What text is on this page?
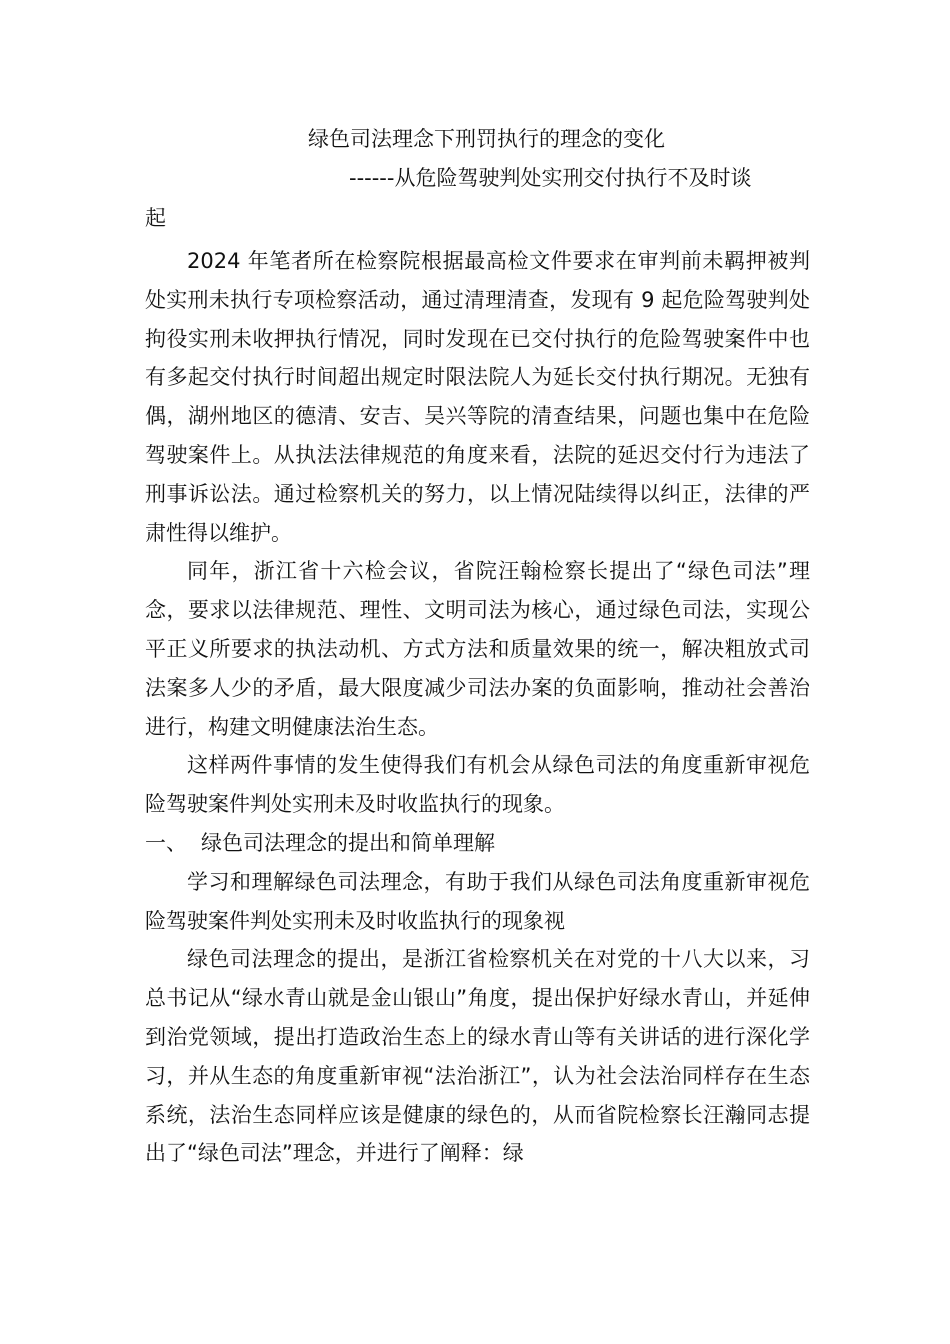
绿色司法理念下刑罚执行的理念的变化
------从危险驾驶判处实刑交付执行不及时谈
起

2024 年笔者所在检察院根据最高检文件要求在审判前未羁押被判处实刑未执行专项检察活动，通过清理清查，发现有 9 起危险驾驶判处拘役实刑未收押执行情况，同时发现在已交付执行的危险驾驶案件中也有多起交付执行时间超出规定时限法院人为延长交付执行期况。无独有偶，湖州地区的德清、安吉、吴兴等院的清查结果，问题也集中在危险驾驶案件上。从执法法律规范的角度来看，法院的延迟交付行为违法了刑事诉讼法。通过检察机关的努力，以上情况陆续得以纠正，法律的严肃性得以维护。

同年，浙江省十六检会议，省院汪翰检察长提出了“绿色司法”理念，要求以法律规范、理性、文明司法为核心，通过绿色司法，实现公平正义所要求的执法动机、方式方法和质量效果的统一，解决粗放式司法案多人少的矛盾，最大限度减少司法办案的负面影响，推动社会善治进行，构建文明健康法治生态。

这样两件事情的发生使得我们有机会从绿色司法的角度重新审视危险驾驶案件判处实刑未及时收监执行的现象。

一、 绿色司法理念的提出和简单理解

学习和理解绿色司法理念，有助于我们从绿色司法角度重新审视危险驾驶案件判处实刑未及时收监执行的现象视

绿色司法理念的提出，是浙江省检察机关在对党的十八大以来，习总书记从“绿水青山就是金山银山”角度，提出保护好绿水青山，并延伸到治党领域，提出打造政治生态上的绿水青山等有关讲话的进行深化学习，并从生态的角度重新审视“法治浙江”，认为社会法治同样存在生态系统，法治生态同样应该是健康的绿色的，从而省院检察长汪瀚同志提出了“绿色司法”理念，并进行了阐释：绿
